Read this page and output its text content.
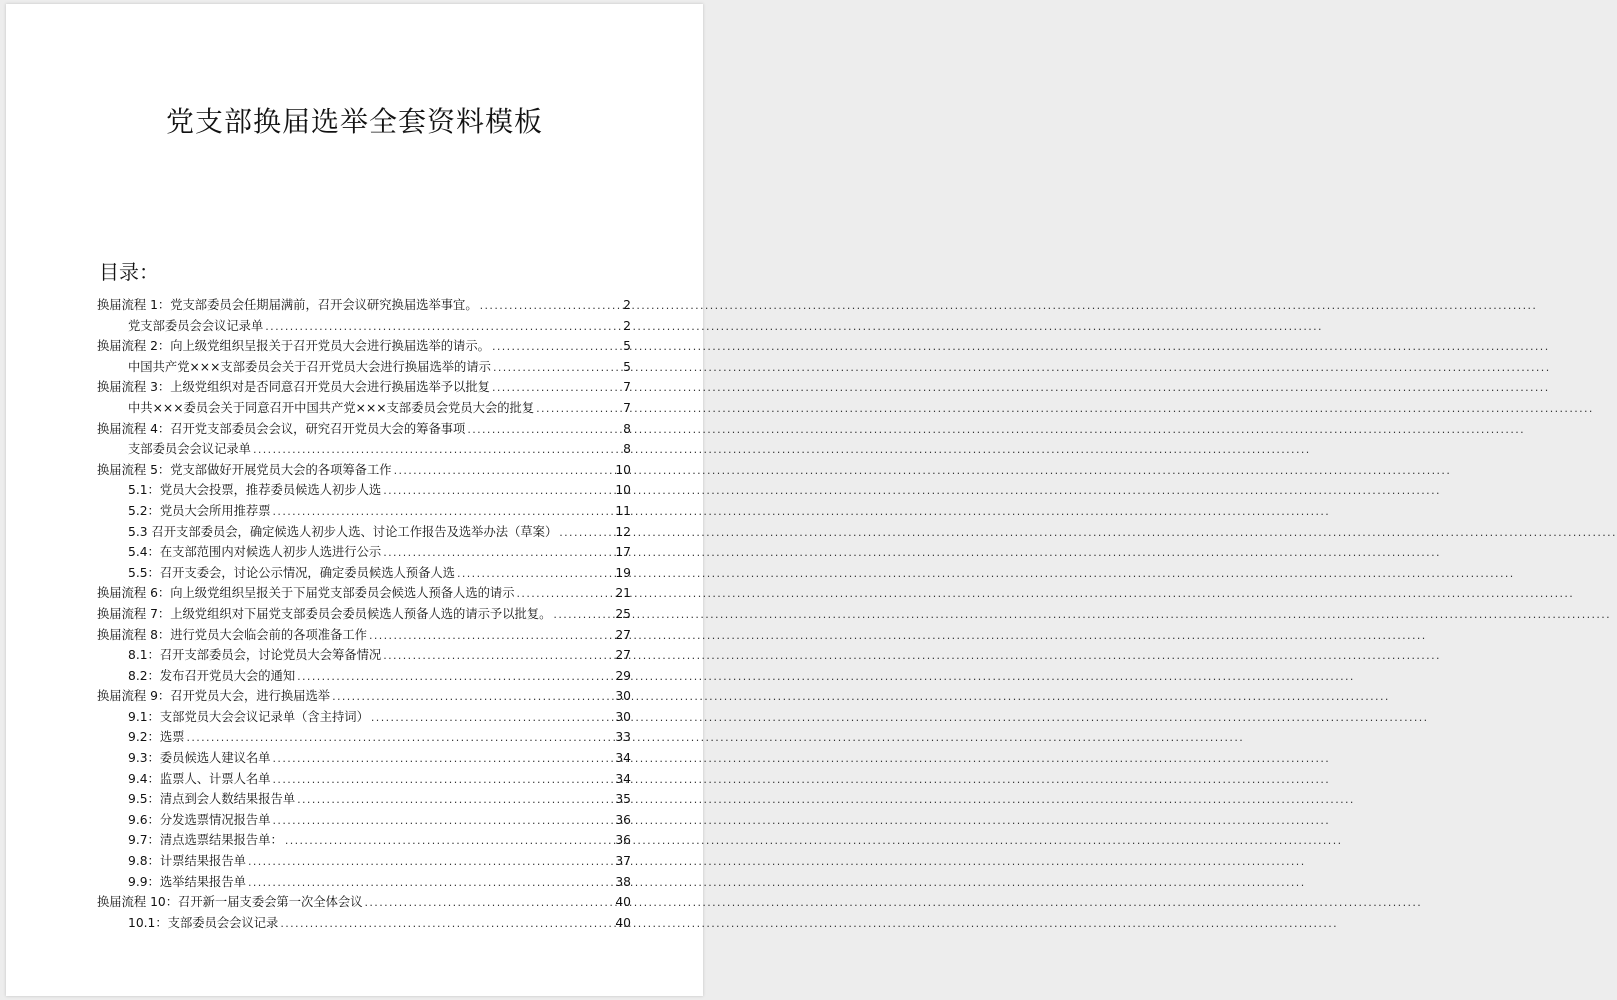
党支部换届选举全套资料模板
目录：
换届流程 1：党支部委员会任期届满前，召开会议研究换届选举事宜。 .....	2
党支部委员会会议记录单 .....	2
换届流程 2：向上级党组织呈报关于召开党员大会进行换届选举的请示。 .....	5
中国共产党×××支部委员会关于召开党员大会进行换届选举的请示 .....	5
换届流程 3：上级党组织对是否同意召开党员大会进行换届选举予以批复 .....	7
中共×××委员会关于同意召开中国共产党×××支部委员会党员大会的批复 .....	7
换届流程 4：召开党支部委员会会议，研究召开党员大会的筹备事项 .....	8
支部委员会会议记录单 .....	8
换届流程 5：党支部做好开展党员大会的各项筹备工作 .....	10
5.1：党员大会投票，推荐委员候选人初步人选 .....	10
5.2：党员大会所用推荐票 .....	11
5.3 召开支部委员会，确定候选人初步人选、讨论工作报告及选举办法（草案） .....	12
5.4：在支部范围内对候选人初步人选进行公示 .....	17
5.5：召开支委会，讨论公示情况，确定委员候选人预备人选 .....	19
换届流程 6：向上级党组织呈报关于下届党支部委员会候选人预备人选的请示 .....	21
换届流程 7：上级党组织对下届党支部委员会委员候选人预备人选的请示予以批复。 .....	25
换届流程 8：进行党员大会临会前的各项准备工作 .....	27
8.1：召开支部委员会，讨论党员大会筹备情况 .....	27
8.2：发布召开党员大会的通知 .....	29
换届流程 9：召开党员大会，进行换届选举 .....	30
9.1：支部党员大会会议记录单（含主持词） .....	30
9.2：选票 .....	33
9.3：委员候选人建议名单 .....	34
9.4：监票人、计票人名单 .....	34
9.5：清点到会人数结果报告单 .....	35
9.6：分发选票情况报告单 .....	36
9.7：清点选票结果报告单： .....	36
9.8：计票结果报告单 .....	37
9.9：选举结果报告单 .....	38
换届流程 10：召开新一届支委会第一次全体会议 .....	40
10.1：支部委员会会议记录 .....	40
